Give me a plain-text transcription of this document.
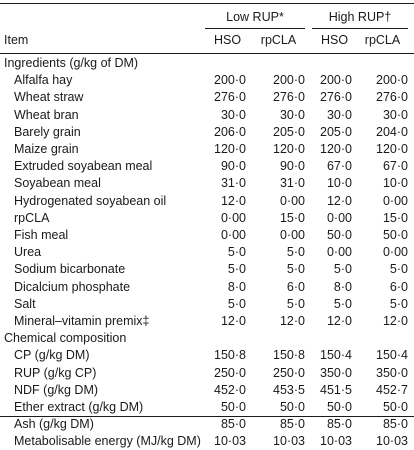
Low RUP*	High RUP†
Item	HSO	rpCLA	HSO	rpCLA
Ingredients (g/kg of DM)
Alfalfa hay	200·0	200·0	200·0	200·0
Wheat straw	276·0	276·0	276·0	276·0
Wheat bran	30·0	30·0	30·0	30·0
Barely grain	206·0	205·0	205·0	204·0
Maize grain	120·0	120·0	120·0	120·0
Extruded soyabean meal	90·0	90·0	67·0	67·0
Soyabean meal	31·0	31·0	10·0	10·0
Hydrogenated soyabean oil	12·0	0·00	12·0	0·00
rpCLA	0·00	15·0	0·00	15·0
Fish meal	0·00	0·00	50·0	50·0
Urea	5·0	5·0	0·00	0·00
Sodium bicarbonate	5·0	5·0	5·0	5·0
Dicalcium phosphate	8·0	6·0	8·0	6·0
Salt	5·0	5·0	5·0	5·0
Mineral–vitamin premix‡	12·0	12·0	12·0	12·0
Chemical composition
CP (g/kg DM)	150·8	150·8	150·4	150·4
RUP (g/kg CP)	250·0	250·0	350·0	350·0
NDF (g/kg DM)	452·0	453·5	451·5	452·7
Ether extract (g/kg DM)	50·0	50·0	50·0	50·0
Ash (g/kg DM)	85·0	85·0	85·0	85·0
Metabolisable energy (MJ/kg DM)	10·03	10·03	10·03	10·03
